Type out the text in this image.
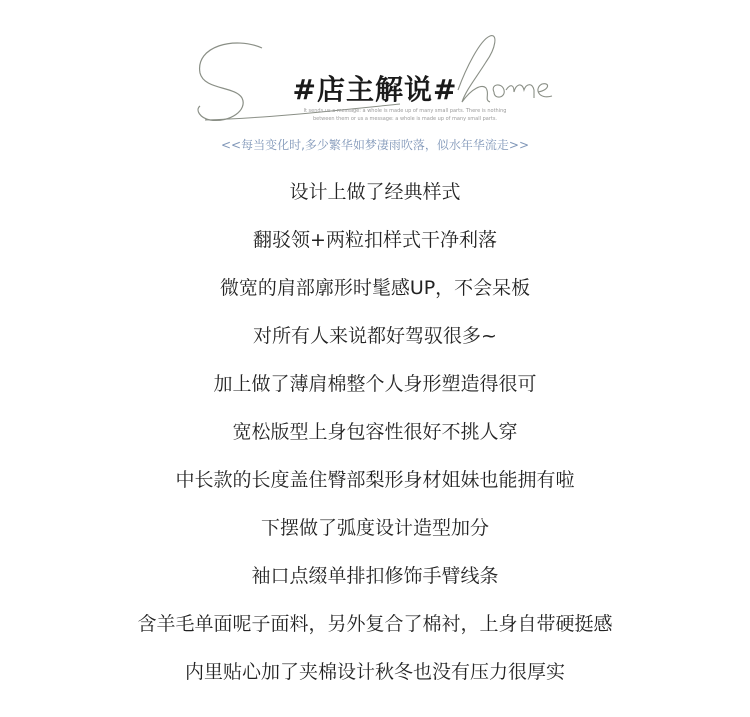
#店主解说#
It sends us a message: a whole is made up of many small parts. There is nothing
between them or us a message: a whole is made up of many small parts.
<<每当变化时,多少繁华如梦凄雨吹落，似水年华流走>>
设计上做了经典样式
翻驳领+两粒扣样式干净利落
微宽的肩部廓形时髦感UP，不会呆板
对所有人来说都好驾驭很多~
加上做了薄肩棉整个人身形塑造得很可
宽松版型上身包容性很好不挑人穿
中长款的长度盖住臀部梨形身材姐妹也能拥有啦
下摆做了弧度设计造型加分
袖口点缀单排扣修饰手臂线条
含羊毛单面呢子面料，另外复合了棉衬，上身自带硬挺感
内里贴心加了夹棉设计秋冬也没有压力很厚实
